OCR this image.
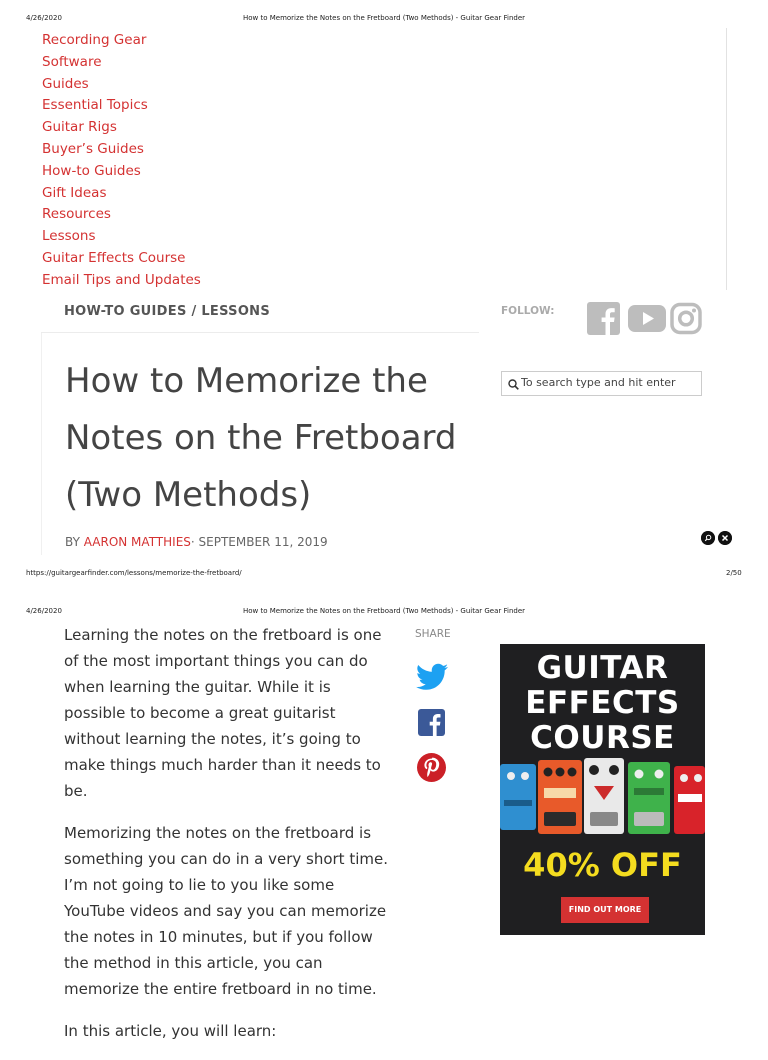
4/26/2020	How to Memorize the Notes on the Fretboard (Two Methods) - Guitar Gear Finder
Recording Gear
Software
Guides
Essential Topics
Guitar Rigs
Buyer’s Guides
How-to Guides
Gift Ideas
Resources
Lessons
Guitar Effects Course
Email Tips and Updates
HOW-TO GUIDES / LESSONS
How to Memorize the Notes on the Fretboard (Two Methods)
BY AARON MATTHIES· SEPTEMBER 11, 2019
FOLLOW:
To search type and hit enter
https://guitargearfinder.com/lessons/memorize-the-fretboard/	2/50
4/26/2020	How to Memorize the Notes on the Fretboard (Two Methods) - Guitar Gear Finder

Learning the notes on the fretboard is one of the most important things you can do when learning the guitar. While it is possible to become a great guitarist without learning the notes, it’s going to make things much harder than it needs to be.

Memorizing the notes on the fretboard is something you can do in a very short time. I’m not going to lie to you like some YouTube videos and say you can memorize the notes in 10 minutes, but if you follow the method in this article, you can memorize the entire fretboard in no time.

In this article, you will learn:

SHARE
GUITAR
EFFECTS
COURSE
40% OFF
FIND OUT MORE
